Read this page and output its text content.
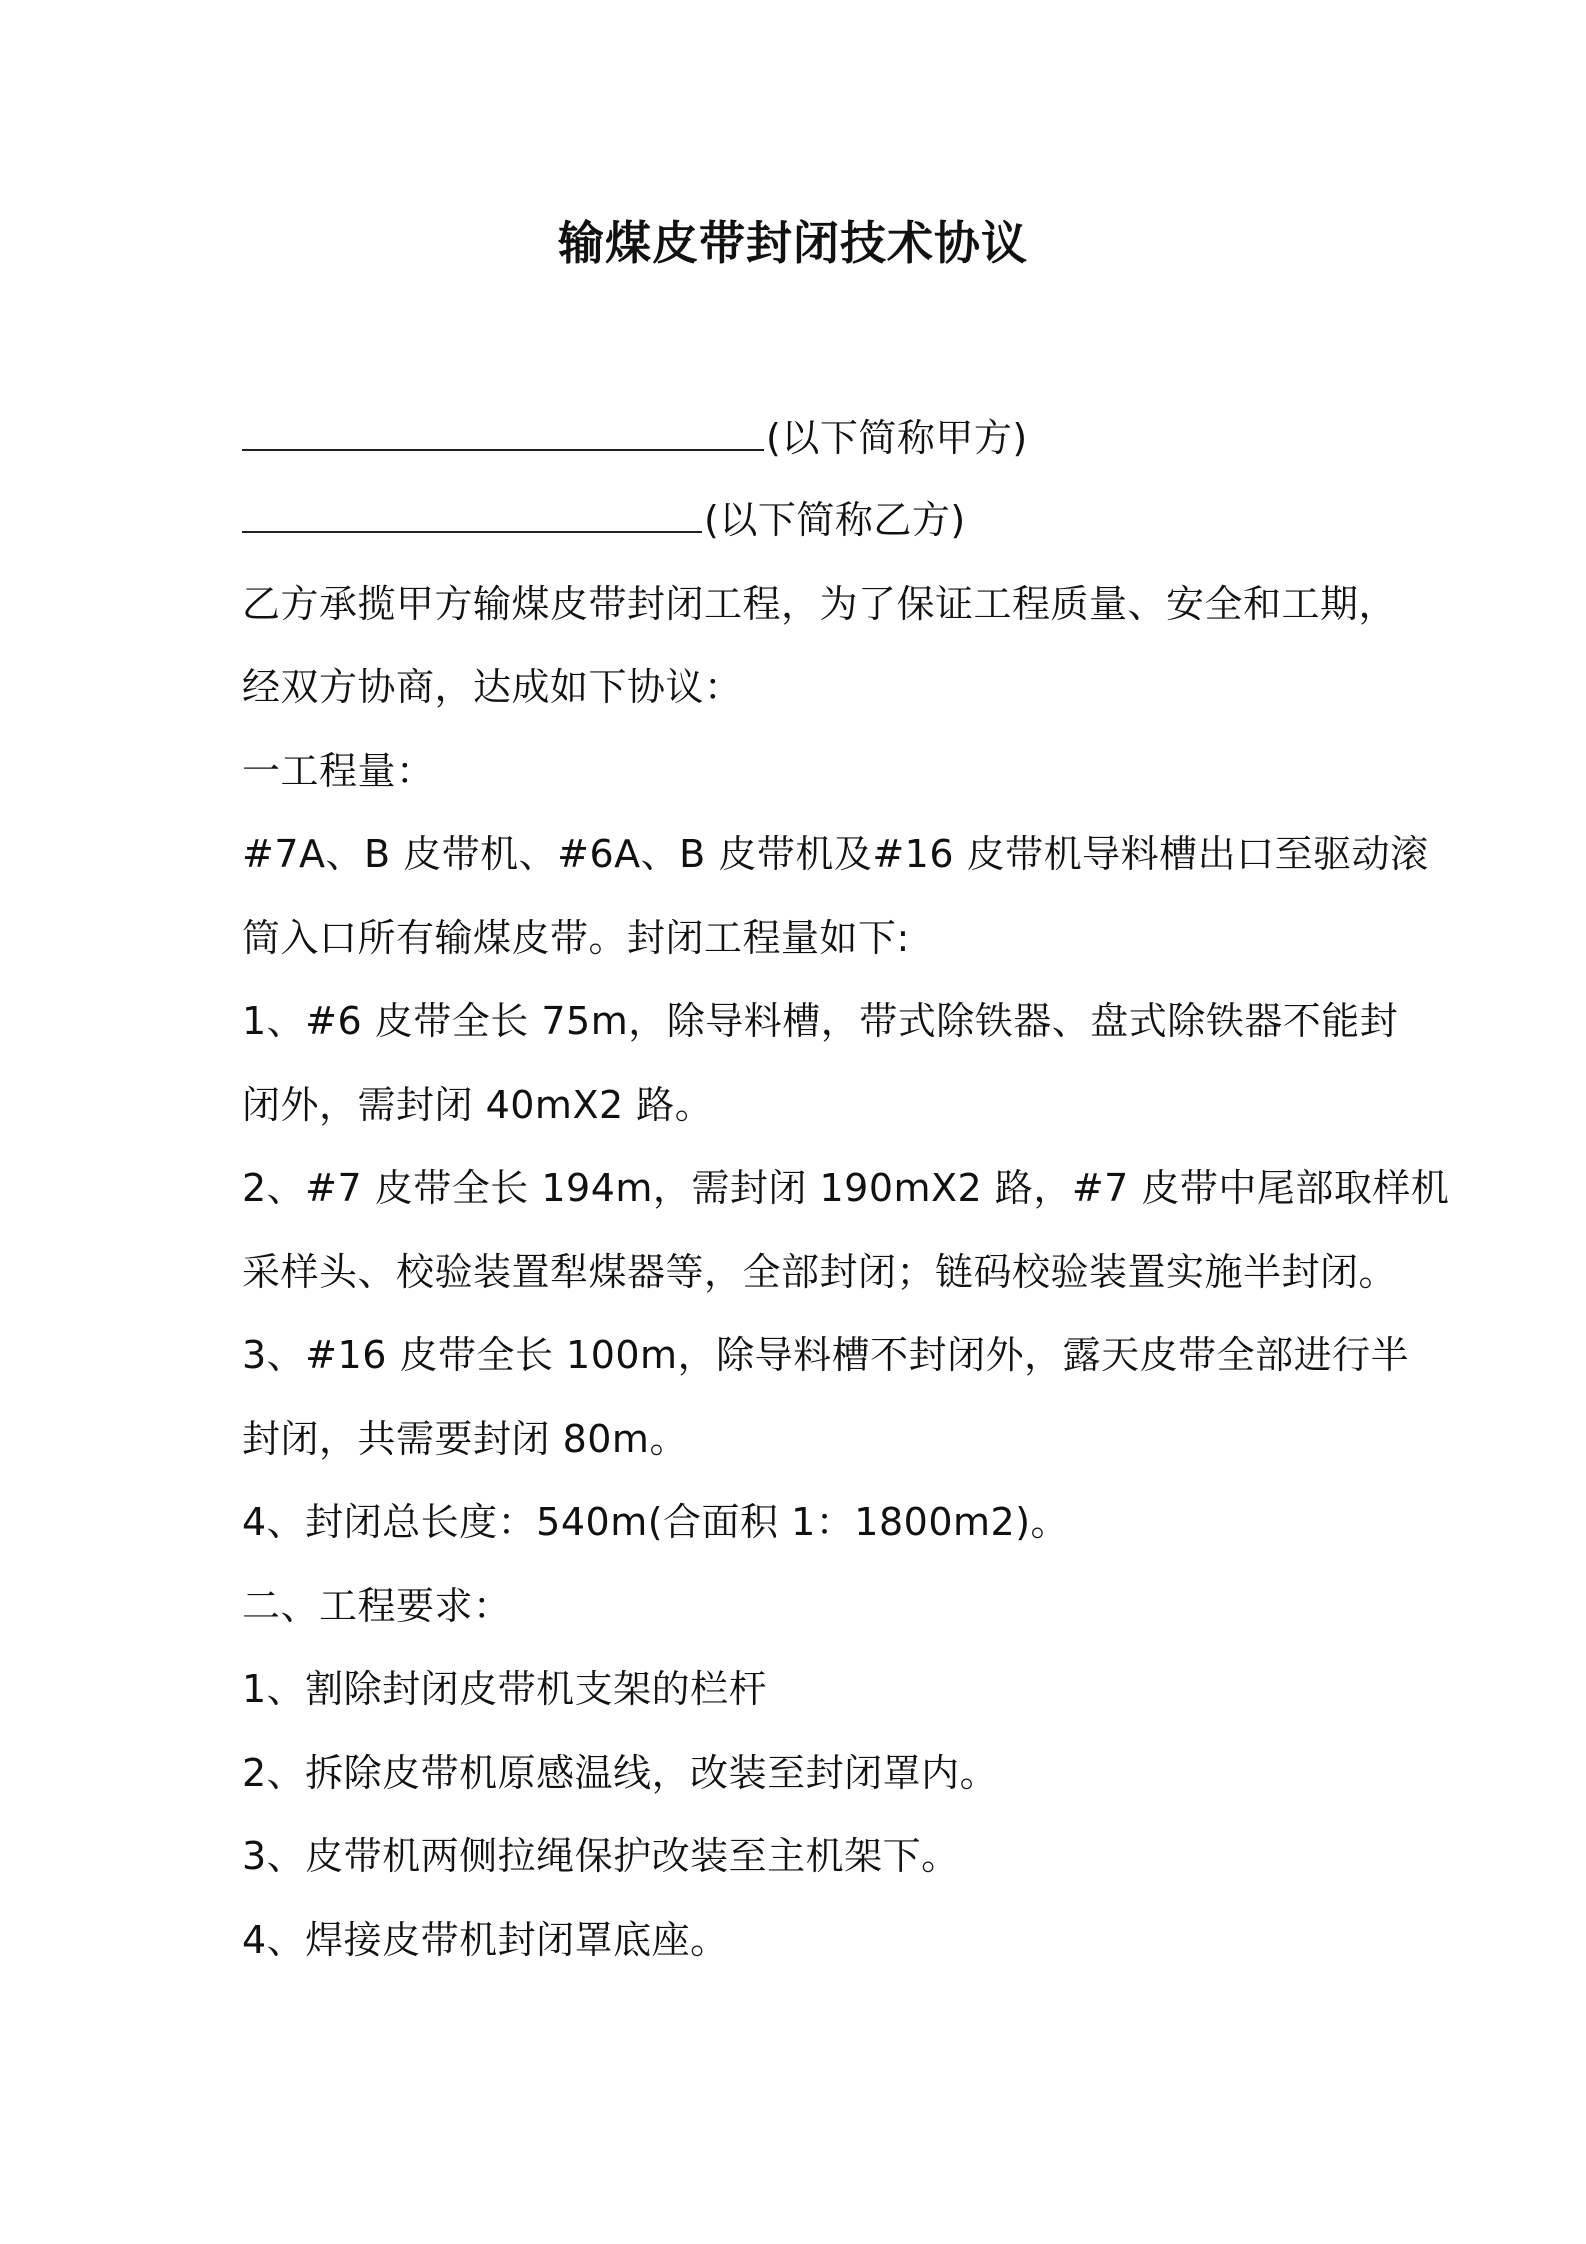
输煤皮带封闭技术协议
(以下简称甲方)
(以下简称乙方)
乙方承揽甲方输煤皮带封闭工程，为了保证工程质量、安全和工期，
经双方协商，达成如下协议：
一工程量：
#7A、B 皮带机、#6A、B 皮带机及#16 皮带机导料槽出口至驱动滚
筒入口所有输煤皮带。封闭工程量如下:
1、#6 皮带全长 75m，除导料槽，带式除铁器、盘式除铁器不能封
闭外，需封闭 40mX2 路。
2、#7 皮带全长 194m，需封闭 190mX2 路，#7 皮带中尾部取样机
采样头、校验装置犁煤器等，全部封闭；链码校验装置实施半封闭。
3、#16 皮带全长 100m，除导料槽不封闭外，露天皮带全部进行半
封闭，共需要封闭 80m。
4、封闭总长度：540m(合面积 1：1800m2)。
二、工程要求：
1、割除封闭皮带机支架的栏杆
2、拆除皮带机原感温线，改装至封闭罩内。
3、皮带机两侧拉绳保护改装至主机架下。
4、焊接皮带机封闭罩底座。
